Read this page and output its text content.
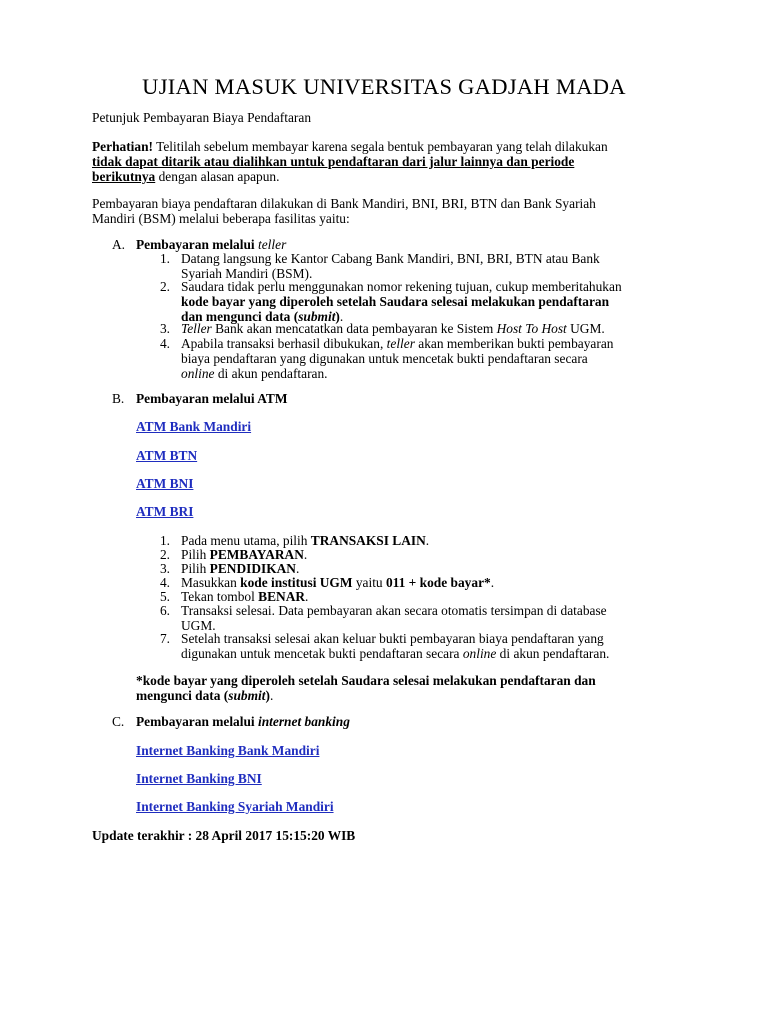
UJIAN MASUK UNIVERSITAS GADJAH MADA
Petunjuk Pembayaran Biaya Pendaftaran
Perhatian! Telitilah sebelum membayar karena segala bentuk pembayaran yang telah dilakukan
tidak dapat ditarik atau dialihkan untuk pendaftaran dari jalur lainnya dan periode
berikutnya dengan alasan apapun.
Pembayaran biaya pendaftaran dilakukan di Bank Mandiri, BNI, BRI, BTN dan Bank Syariah
Mandiri (BSM) melalui beberapa fasilitas yaitu:
A. Pembayaran melalui teller
1. Datang langsung ke Kantor Cabang Bank Mandiri, BNI, BRI, BTN atau Bank
Syariah Mandiri (BSM).
2. Saudara tidak perlu menggunakan nomor rekening tujuan, cukup memberitahukan
kode bayar yang diperoleh setelah Saudara selesai melakukan pendaftaran
dan mengunci data (submit).
3. Teller Bank akan mencatatkan data pembayaran ke Sistem Host To Host UGM.
4. Apabila transaksi berhasil dibukukan, teller akan memberikan bukti pembayaran
biaya pendaftaran yang digunakan untuk mencetak bukti pendaftaran secara
online di akun pendaftaran.
B. Pembayaran melalui ATM
ATM Bank Mandiri
ATM BTN
ATM BNI
ATM BRI
1. Pada menu utama, pilih TRANSAKSI LAIN.
2. Pilih PEMBAYARAN.
3. Pilih PENDIDIKAN.
4. Masukkan kode institusi UGM yaitu 011 + kode bayar*.
5. Tekan tombol BENAR.
6. Transaksi selesai. Data pembayaran akan secara otomatis tersimpan di database
UGM.
7. Setelah transaksi selesai akan keluar bukti pembayaran biaya pendaftaran yang
digunakan untuk mencetak bukti pendaftaran secara online di akun pendaftaran.
*kode bayar yang diperoleh setelah Saudara selesai melakukan pendaftaran dan
mengunci data (submit).
C. Pembayaran melalui internet banking
Internet Banking Bank Mandiri
Internet Banking BNI
Internet Banking Syariah Mandiri
Update terakhir : 28 April 2017 15:15:20 WIB
